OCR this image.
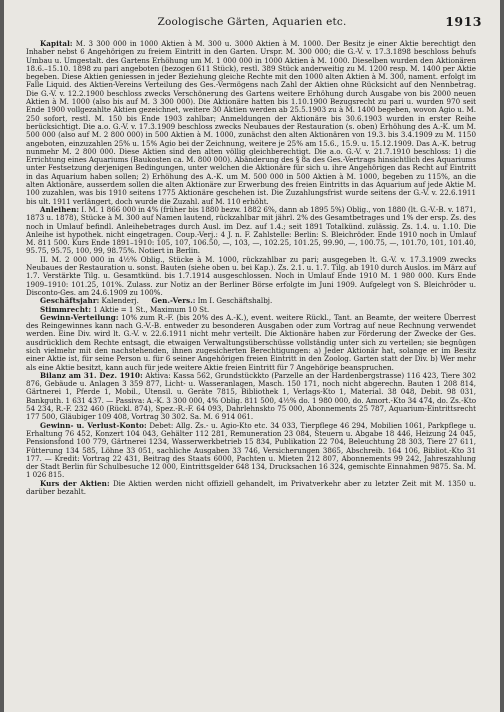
Zoologische Gärten, Aquarien etc.	1913

Kapital: M. 3 300 000 in 1000 Aktien à M. 300 u. 3000 Aktien à M. 1000. Der Besitz je einer Aktie berechtigt den Inhaber nebst 6 Angehörigen zu freiem Eintritt in den Garten. Urspr. M. 300 000; die G.-V. v. 17.3.1898 beschloss behufs Umbau u. Umgestalt. des Gartens Erhöhung um M. 1 000 000 in 1000 Aktien à M. 1000. Dieselben wurden den Aktionären 18.6.–15.10. 1898 zu pari angeboten (bezogen 611 Stück), restl. 389 Stück anderweitig zu M. 1200 resp. M. 1400 per Aktie begeben. Diese Aktien geniessen in jeder Beziehung gleiche Rechte mit den 1000 alten Aktien à M. 300, nament. erfolgt im Falle Liquid. des Aktien-Vereins Verteilung des Ges.-Vermögens nach Zahl der Aktien ohne Rücksicht auf den Nennbetrag. Die G.-V. v. 12.2.1900 beschloss zwecks Verschönerung des Gartens weitere Erhöhung durch Ausgabe von bis 2000 neuen Aktien à M. 1000 (also bis auf M. 3 300 000). Die Aktionäre hatten bis 1.10.1900 Bezugsrecht zu pari u. wurden 970 seit Ende 1900 vollgezahlte Aktien gezeichnet, weitere 30 Aktien werden ab 25.5.1903 zu à M. 1400 begeben, wovon Agio u. M. 250 sofort, restl. M. 150 bis Ende 1903 zahlbar; Anmeldungen der Aktionäre bis 30.6.1903 wurden in erster Reihe berücksichtigt. Die a.o. G.-V. v. 17.3.1909 beschloss zwecks Neubaues der Restauration (s. oben) Erhöhung des A.-K. um M. 500 000 (also auf M. 2 800 000) in 500 Aktien à M. 1000, zunächst den alten Aktionären von 19.3. bis 3.4.1909 zu M. 1150 angeboten, einzuzahlen 25% u. 15% Agio bei der Zeichnung, weitere je 25% am 15.6., 15.9. u. 15.12.1909. Das A.-K. betrug nunmehr M. 2 800 000. Diese Aktien sind den alten völlig gleichberechtigt. Die a.o. G.-V. v. 21.7.1910 beschloss: 1) die Errichtung eines Aquariums (Baukosten ca. M. 800 000). Abänderung des § 8a des Ges.-Vertrags hinsichtlich des Aquariums unter Festsetzung derjenigen Bedingungen, unter welchen die Aktionäre für sich u. ihre Angehörigen das Recht auf Eintritt in das Aquarium haben sollen; 2) Erhöhung des A.-K. um M. 500 000 in 500 Aktien à M. 1000, begeben zu 115%, an die alten Aktionäre, ausserdem sollen die alten Aktionäre zur Erwerbung des freien Eintritts in das Aquarium auf jede Aktie M. 100 zuzahlen, was bis 1910 seitens 1775 Aktionäre geschehen ist. Die Zuzahlungsfrist wurde seitens der G.-V. v. 22.6.1911 bis ult. 1911 verlängert, doch wurde die Zuzahl. auf M. 110 erhöht.

Anleihen: I. M. 1 866 000 in 4% (früher bis 1880 bezw. 1882 6%, dann ab 1895 5%) Oblig., von 1880 (lt. G.-V.-B. v. 1871, 1873 u. 1878), Stücke à M. 300 auf Namen lautend, rückzahlbar mit jährl. 2% des Gesamtbetrages und 1% der ersp. Zs. des noch in Umlauf befindl. Anleihebetrages durch Ausl. im Dez. auf 1.4.; seit 1891 Totalkünd. zulässig. Zs. 1.4. u. 1.10. Die Anleihe ist hypothek. nicht eingetragen. Coup.-Verj.: 4 J. n. F. Zahlstelle: Berlin: S. Bleichröder. Ende 1910 noch in Umlauf M. 811 500. Kurs Ende 1891–1910: 105, 107, 106.50, —, 103, —, 102.25, 101.25, 99.90, —, 100.75, —, 101.70, 101, 101.40, 95.75, 95.75, 100, 99, 98.75%. Notiert in Berlin.

II. M. 2 000 000 in 4½% Oblig., Stücke à M. 1000, rückzahlbar zu pari; ausgegeben lt. G.-V. v. 17.3.1909 zwecks Neubaues der Restauration u. sonst. Bauten (siehe oben u. bei Kap.). Zs. 2.1. u. 1.7. Tilg. ab 1910 durch Auslos. im März auf 1.7. Verstärkte Tilg. u. Gesamtkünd. bis 1.7.1914 ausgeschlossen. Noch in Umlauf Ende 1910 M. 1 980 000. Kurs Ende 1909–1910: 101.25, 101%. Zulass. zur Notiz an der Berliner Börse erfolgte im Juni 1909. Aufgelegt von S. Bleichröder u. Disconto-Ges. am 24.6.1909 zu 100%.

Geschäftsjahr: Kalenderj. Gen.-Vers.: Im I. Geschäftshalbj.

Stimmrecht: 1 Aktie = 1 St., Maximum 10 St.

Gewinn-Verteilung: 10% zum R.-F. (bis 20% des A.-K.), event. weitere Rückl., Tant. an Beamte, der weitere Überrest des Reingewinnes kann nach G.-V.-B. entweder zu besonderen Ausgaben oder zum Vortrag auf neue Rechnung verwendet werden. Eine Div. wird lt. G.-V. v. 22.6.1911 nicht mehr verteilt. Die Aktionäre haben zur Förderung der Zwecke der Ges. ausdrücklich dem Rechte entsagt, die etwaigen Verwaltungsüberschüsse vollständig unter sich zu verteilen; sie begnügen sich vielmehr mit den nachstehenden, ihnen zugesicherten Berechtigungen: a) Jeder Aktionär hat, solange er im Besitz einer Aktie ist, für seine Person u. für 6 seiner Angehörigen freien Eintritt in den Zoolog. Garten statt der Div. b) Wer mehr als eine Aktie besitzt, kann auch für jede weitere Aktie freien Eintritt für 7 Angehörige beanspruchen.

Bilanz am 31. Dez. 1910: Aktiva: Kassa 562, Grundstückkto (Parzelle an der Hardenbergstrasse) 116 423, Tiere 302 876, Gebäude u. Anlagen 3 359 877, Licht- u. Wasseranlagen, Masch. 150 171, noch nicht abgerechn. Bauten 1 208 814, Gärtnerei 1, Pferde 1, Mobil., Utensil. u. Geräte 7815, Bibliothek 1, Verlags-Kto 1, Material. 38 048, Debit. 98 031, Bankguth. 1 631 437. — Passiva: A.-K. 3 300 000, 4% Oblig. 811 500, 4½% do. 1 980 000, do. Amort.-Kto 34 474, do. Zs.-Kto 54 234, R.-F. 232 460 (Rückl. 874), Spez.-R.-F. 64 093, Dahrlehnskto 75 000, Abonnements 25 787, Aquarium-Eintrittsrecht 177 500, Gläubiger 109 408, Vortrag 30 302. Sa. M. 6 914 061.

Gewinn- u. Verlust-Konto: Debet: Allg. Zs.- u. Agio-Kto etc. 34 033, Tierpflege 46 294, Mobilien 1061, Parkpflege u. Erhaltung 76 452, Konzert 104 043, Gehälter 112 281, Remuneration 23 084, Steuern u. Abgabe 18 446, Heizung 24 045, Pensionsfond 100 779, Gärtnerei 1234, Wasserwerkbetrieb 15 834, Publikation 22 704, Beleuchtung 28 303, Tiere 27 611, Fütterung 134 585, Löhne 33 051, sachliche Ausgaben 33 746, Versicherungen 3865, Abschreib. 164 106, Bibliot.-Kto 31 177. — Kredit: Vortrag 22 431, Beitrag des Staats 6000, Pachten u. Mieten 212 807, Abonnements 99 242, Jahreszahlung der Stadt Berlin für Schulbesuche 12 000, Eintrittsgelder 648 134, Drucksachen 16 324, gemischte Einnahmen 9875. Sa. M. 1 026 815.

Kurs der Aktien: Die Aktien werden nicht offiziell gehandelt, im Privatverkehr aber zu letzter Zeit mit M. 1350 u. darüber bezahlt.
